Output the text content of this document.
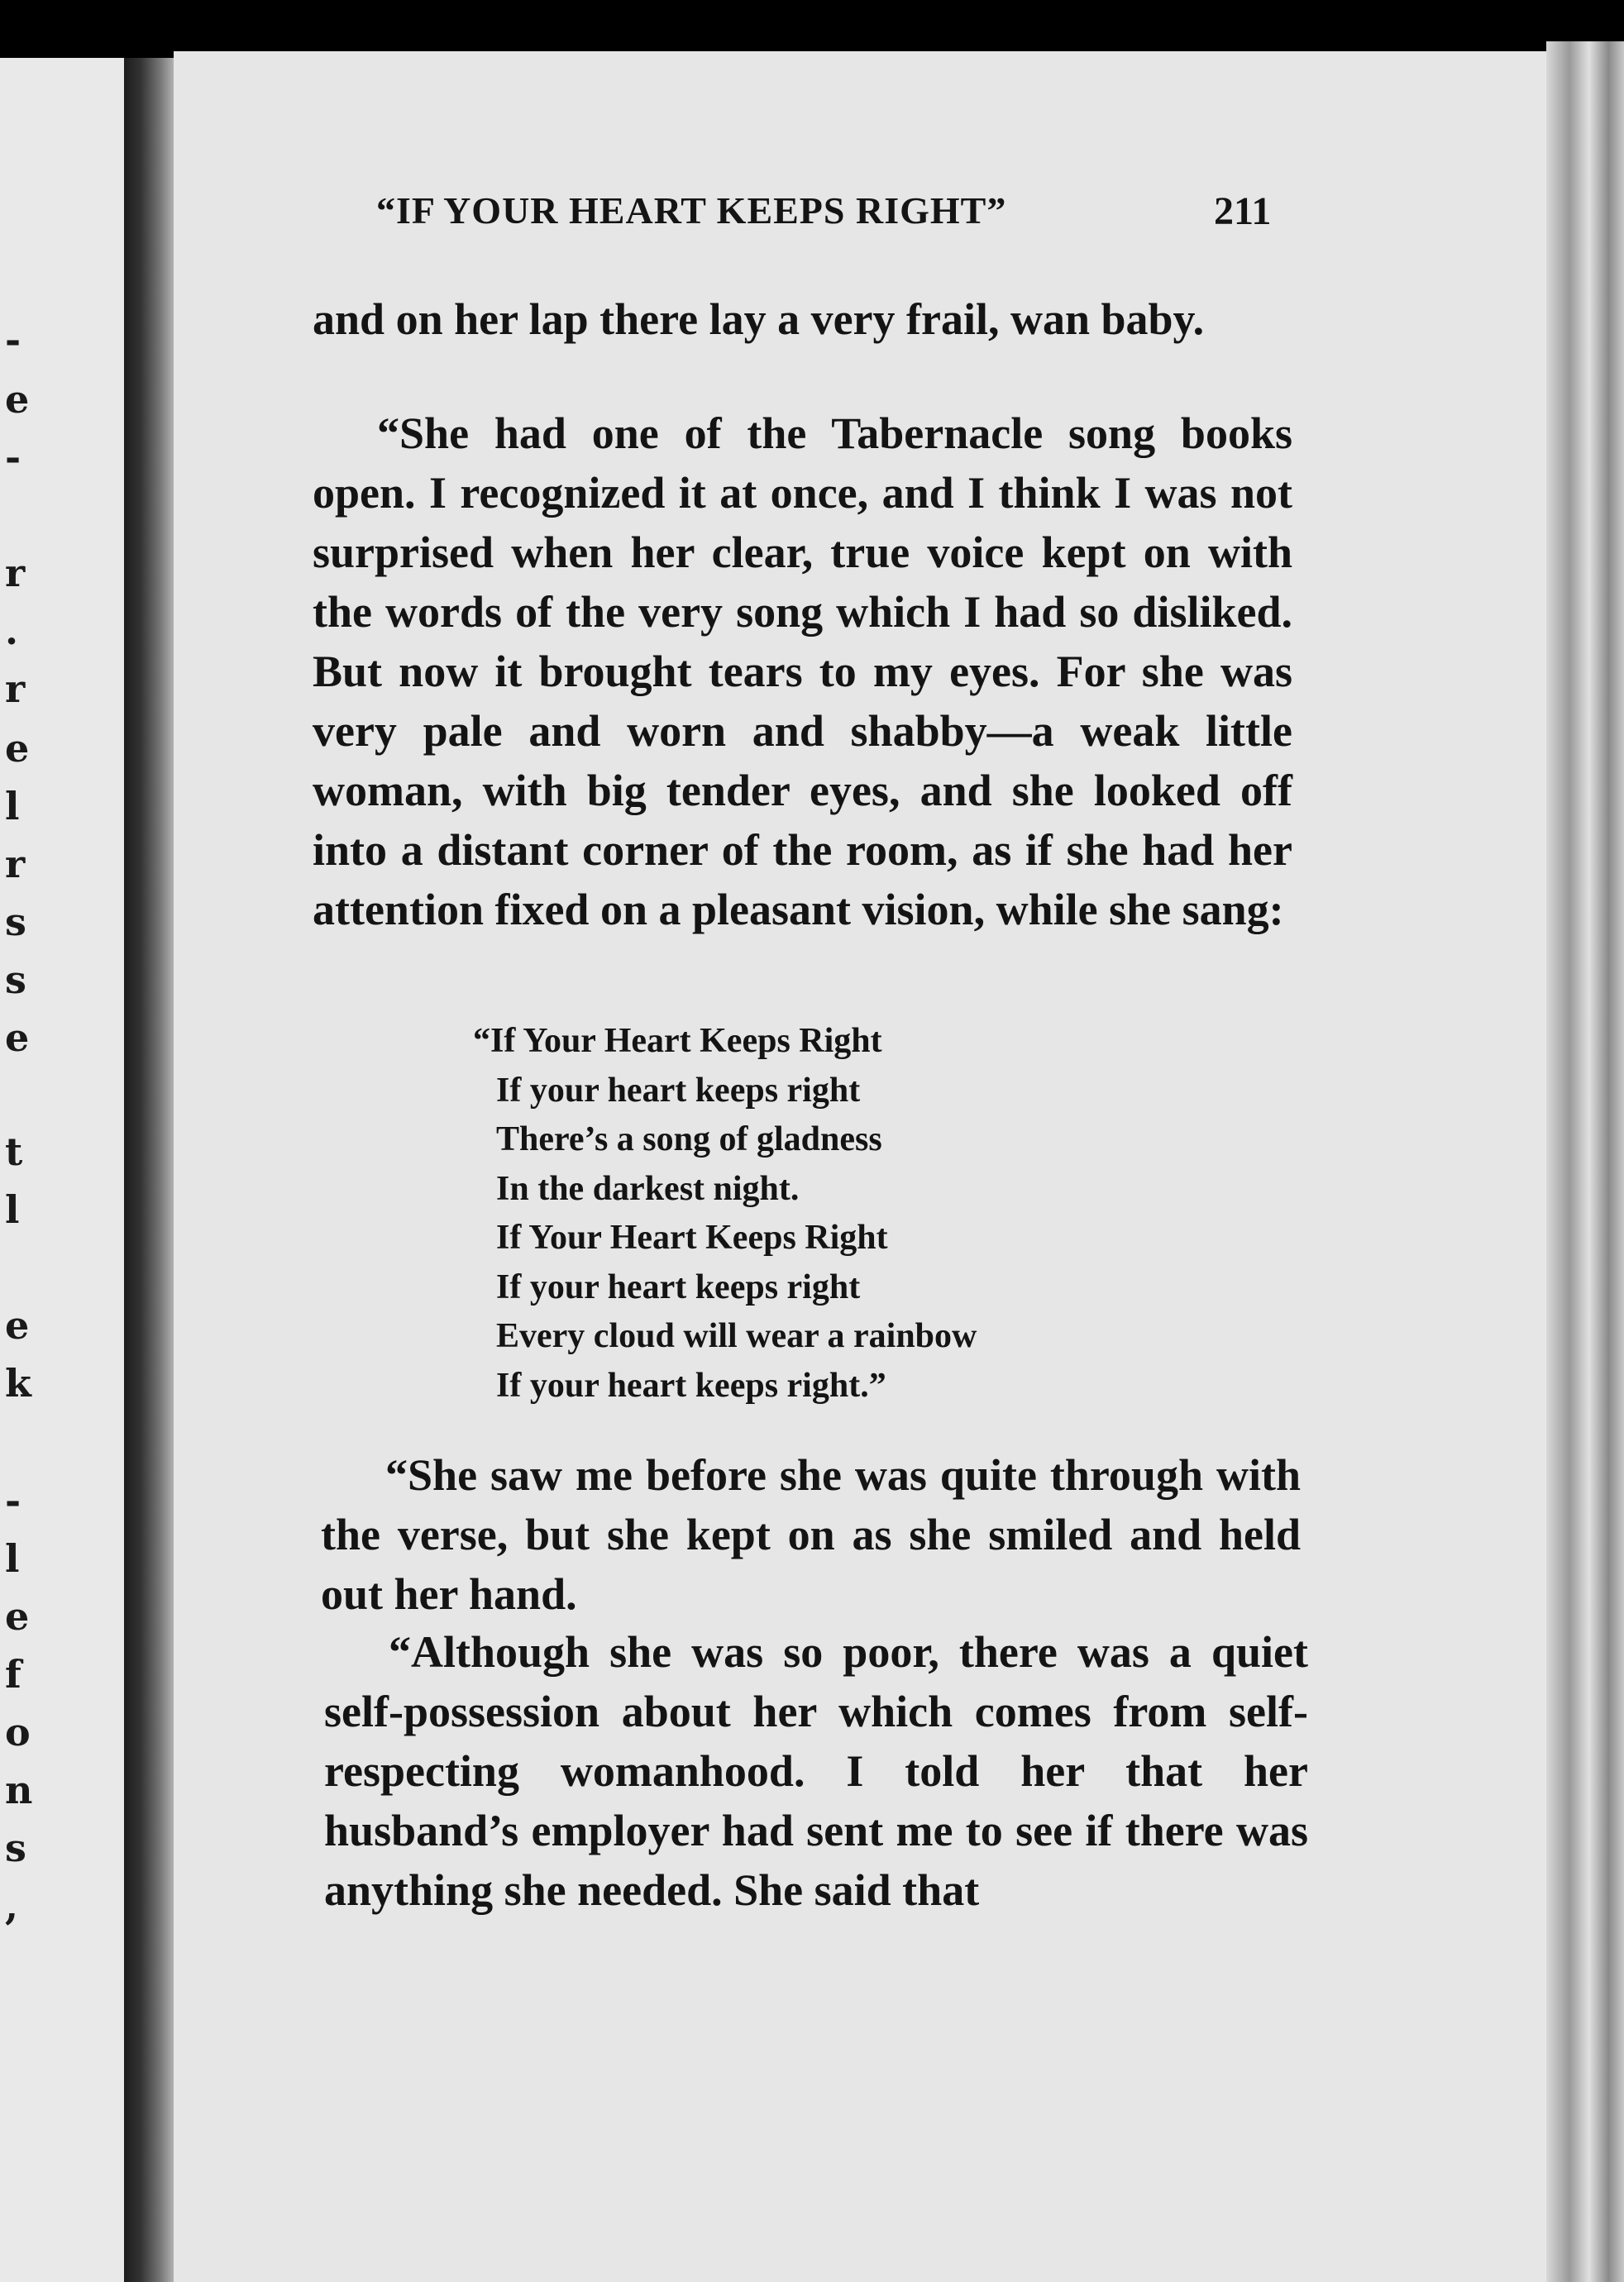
-
e
-
r
.
r
e
l
r
s
s
e
t
l
e
k
-
l
e
f
o
n
s
,
“IF YOUR HEART KEEPS RIGHT”	211

and on her lap there lay a very frail, wan baby.

“She had one of the Tabernacle song books open. I recognized it at once, and I think I was not surprised when her clear, true voice kept on with the words of the very song which I had so disliked. But now it brought tears to my eyes. For she was very pale and worn and shabby—a weak little woman, with big tender eyes, and she looked off into a distant corner of the room, as if she had her attention fixed on a pleasant vision, while she sang:

“If Your Heart Keeps Right
If your heart keeps right
There’s a song of gladness
In the darkest night.
If Your Heart Keeps Right
If your heart keeps right
Every cloud will wear a rainbow
If your heart keeps right.”

“She saw me before she was quite through with the verse, but she kept on as she smiled and held out her hand.

“Although she was so poor, there was a quiet self-possession about her which comes from self-respecting womanhood. I told her that her husband’s employer had sent me to see if there was anything she needed. She said that
